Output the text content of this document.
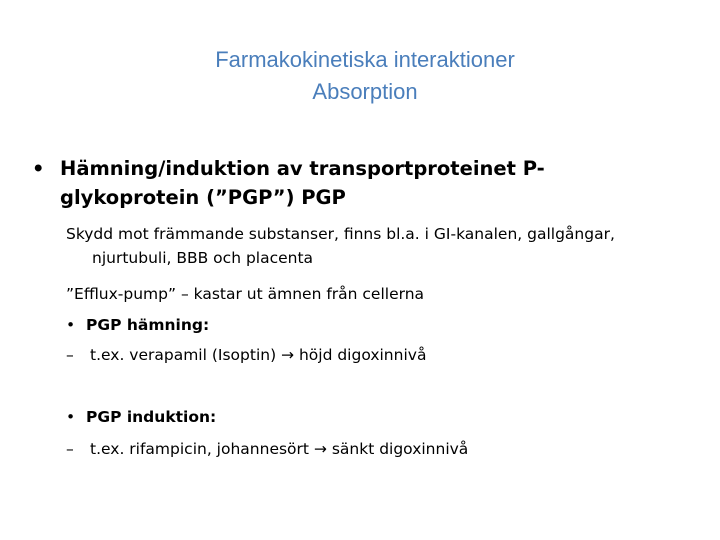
Farmakokinetiska interaktioner
Absorption
• Hämning/induktion av transportproteinet P-
glykoprotein (”PGP”) PGP
Skydd mot främmande substanser, finns bl.a. i GI-kanalen, gallgångar,
njurtubuli, BBB och placenta
”Efflux-pump” – kastar ut ämnen från cellerna
• PGP hämning:
– t.ex. verapamil (Isoptin) → höjd digoxinnivå
• PGP induktion:
– t.ex. rifampicin, johannesört → sänkt digoxinnivå
